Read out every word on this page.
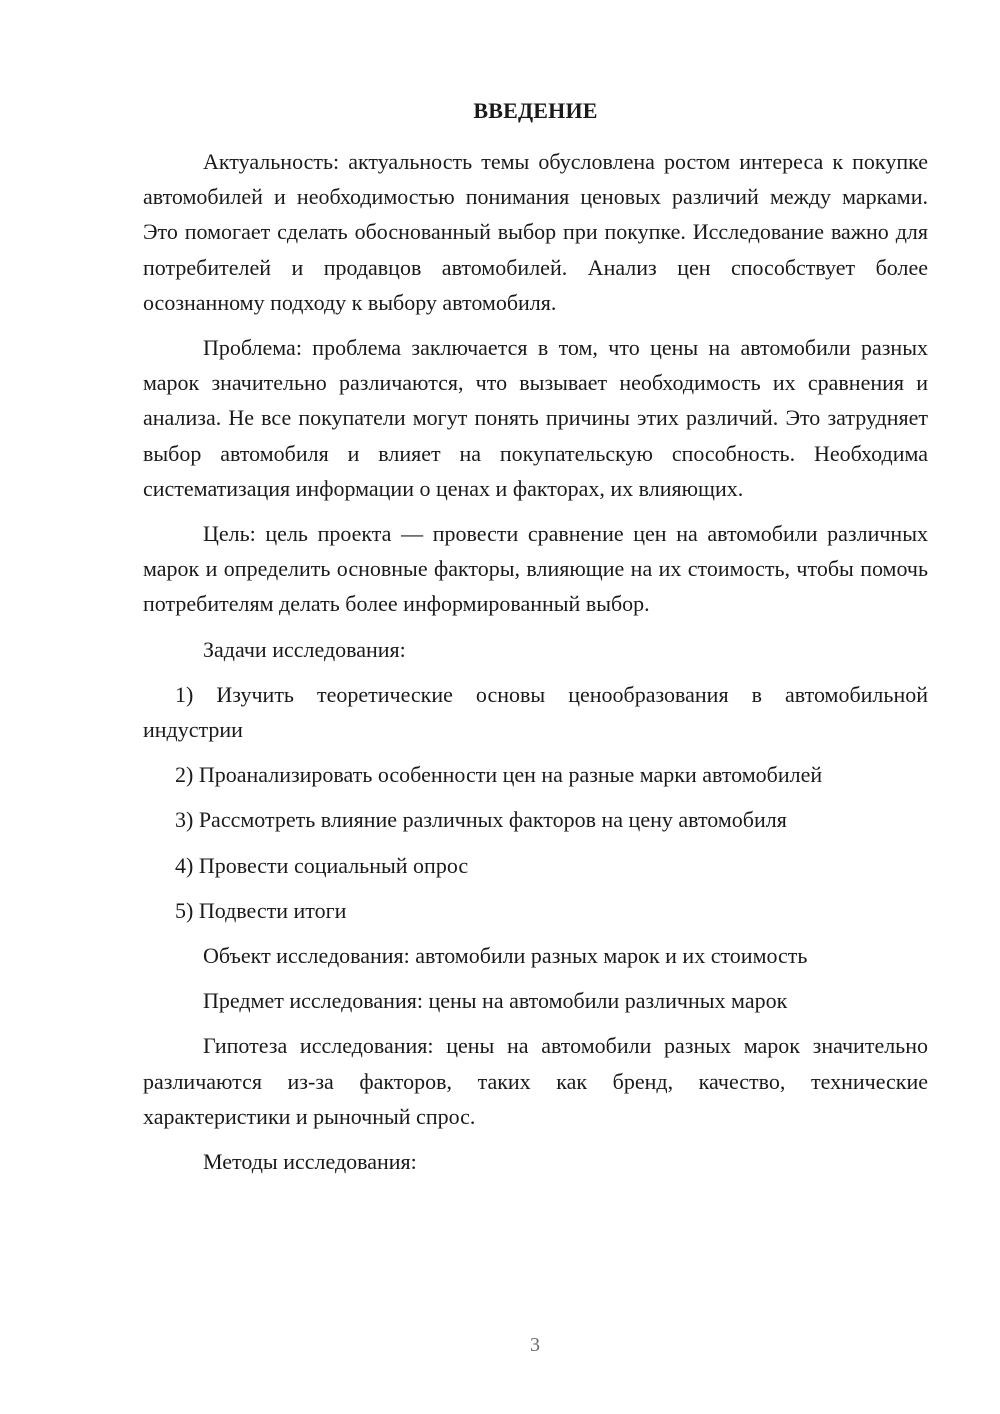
ВВЕДЕНИЕ

Актуальность: актуальность темы обусловлена ростом интереса к покупке автомобилей и необходимостью понимания ценовых различий между марками. Это помогает сделать обоснованный выбор при покупке. Исследование важно для потребителей и продавцов автомобилей. Анализ цен способствует более осознанному подходу к выбору автомобиля.

Проблема: проблема заключается в том, что цены на автомобили разных марок значительно различаются, что вызывает необходимость их сравнения и анализа. Не все покупатели могут понять причины этих различий. Это затрудняет выбор автомобиля и влияет на покупательскую способность. Необходима систематизация информации о ценах и факторах, их влияющих.

Цель: цель проекта — провести сравнение цен на автомобили различных марок и определить основные факторы, влияющие на их стоимость, чтобы помочь потребителям делать более информированный выбор.

Задачи исследования:

1) Изучить теоретические основы ценообразования в автомобильной индустрии

2) Проанализировать особенности цен на разные марки автомобилей

3) Рассмотреть влияние различных факторов на цену автомобиля

4) Провести социальный опрос

5) Подвести итоги

Объект исследования: автомобили разных марок и их стоимость

Предмет исследования: цены на автомобили различных марок

Гипотеза исследования: цены на автомобили разных марок значительно различаются из-за факторов, таких как бренд, качество, технические характеристики и рыночный спрос.

Методы исследования:

3
